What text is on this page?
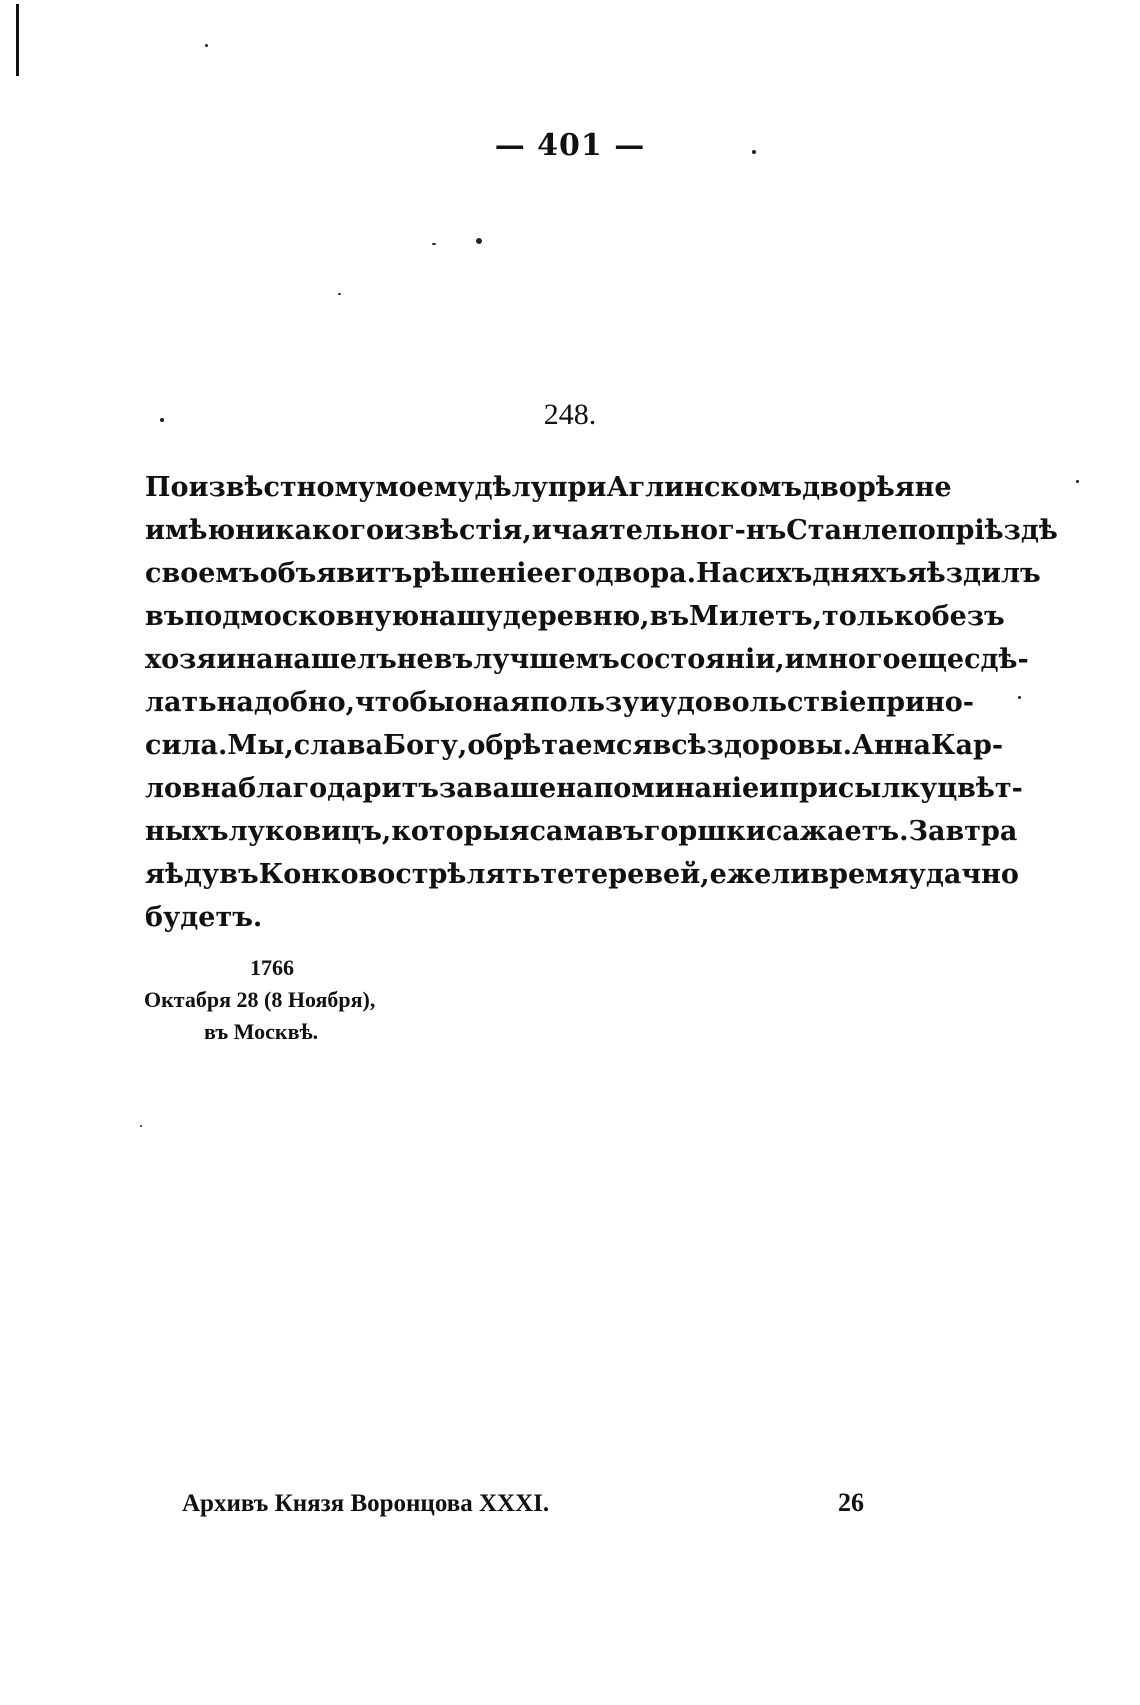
— 401 —
248.
По извѣстному моему дѣлу при Аглинскомъ дворѣ я не
имѣю никакого извѣстія, и чаятельно г-нъ Станле по пріѣздѣ
своемъ объявитъ рѣшеніе его двора. На сихъ дняхъ я ѣздилъ
въ подмосковную нашу деревню, въ Милетъ, только безъ
хозяина нашелъ не въ лучшемъ состояніи, и много еще сдѣ-
лать надобно, чтобы оная пользу и удовольствіе прино-
сила. Мы, слава Богу, обрѣтаемся всѣ здоровы. Анна Кар-
ловна благодаритъ за ваше напоминаніе и присылку цвѣт-
ныхъ луковицъ, которыя сама въ горшки сажаетъ. Завтра
я ѣду въ Конково стрѣлять тетеревей, ежели время удачно
будетъ.
1766
Октабря 28 (8 Ноября),
въ Москвѣ.
Архивъ Князя Воронцова XXXI.	26
